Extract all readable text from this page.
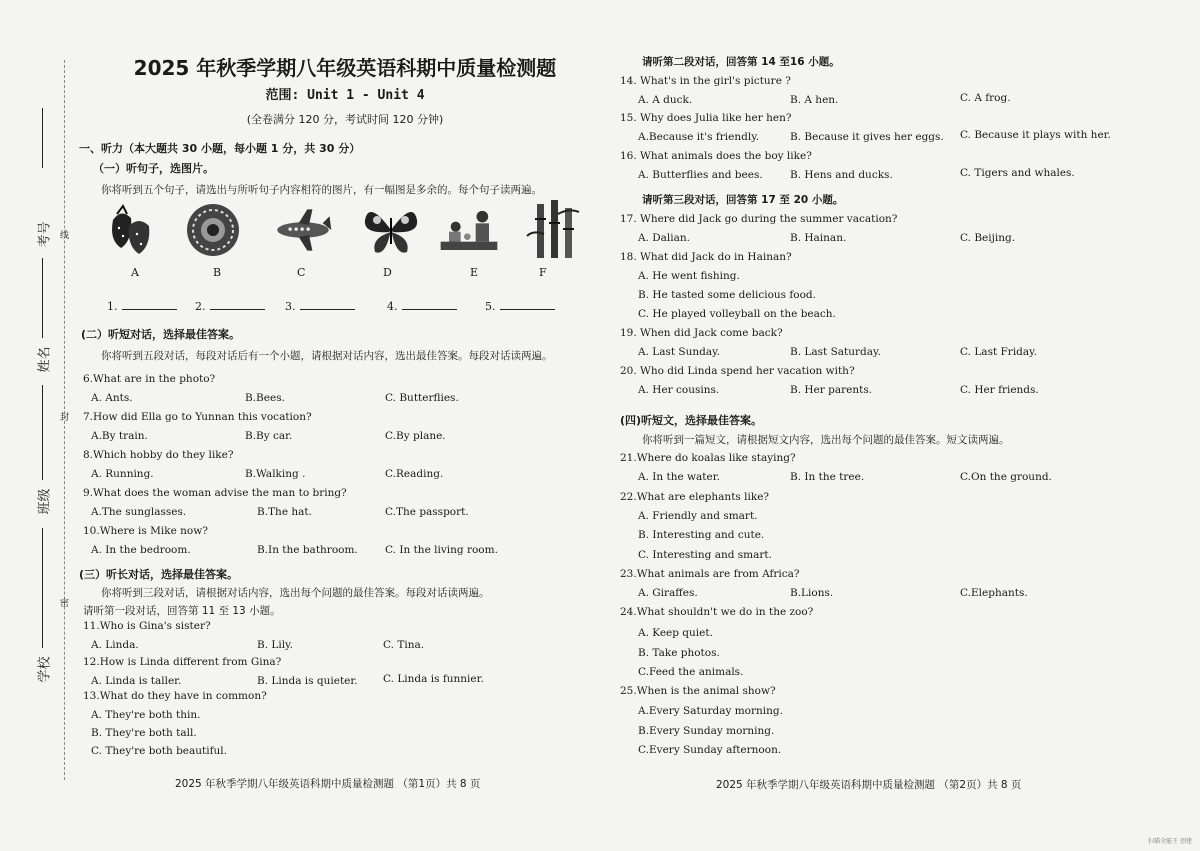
考号
姓名
班级
学校
线
封
密
2025 年秋季学期八年级英语科期中质量检测题
范围: Unit 1 - Unit 4
(全卷满分 120 分，考试时间 120 分钟)
一、听力（本大题共 30 小题，每小题 1 分，共 30 分）
（一）听句子，选图片。
你将听到五个句子，请选出与所听句子内容相符的图片，有一幅图是多余的。每个句子读两遍。
A	B	C	D	E	F
1.	2.	3.	4.	5.
(二）听短对话，选择最佳答案。
你将听到五段对话，每段对话后有一个小题，请根据对话内容，选出最佳答案。每段对话读两遍。
6.What are in the photo?
A. Ants.	B.Bees.	C. Butterflies.
7.How did Ella go to Yunnan this vocation?
A.By train.	B.By car.	C.By plane.
8.Which hobby do they like?
A. Running.	B.Walking .	C.Reading.
9.What does the woman advise the man to bring?
A.The sunglasses.	B.The hat.	C.The passport.
10.Where is Mike now?
A. In the bedroom.	B.In the bathroom.	C. In the living room.
(三）听长对话，选择最佳答案。
你将听到三段对话，请根据对话内容，选出每个问题的最佳答案。每段对话读两遍。
请听第一段对话，回答第 11 至 13 小题。
11.Who is Gina's sister?
A. Linda.	B. Lily.	C. Tina.
12.How is Linda different from Gina?
A. Linda is taller.	B. Linda is quieter. C. Linda is funnier.
13.What do they have in common?
A. They're both thin.
B. They're both tall.
C. They're both beautiful.
2025 年秋季学期八年级英语科期中质量检测题 （第1页）共 8 页
请听第二段对话，回答第 14 至16 小题。
14. What's in the girl's picture ?
A. A duck.	B. A hen.	C. A frog.
15. Why does Julia like her hen?
A.Because it's friendly.	B. Because it gives her eggs. C. Because it plays with her.
16. What animals does the boy like?
A. Butterflies and bees.	B. Hens and ducks.	C. Tigers and whales.
请听第三段对话，回答第 17 至 20 小题。
17. Where did Jack go during the summer vacation?
A. Dalian.	B. Hainan.	C. Beijing.
18. What did Jack do in Hainan?
A. He went fishing.
B. He tasted some delicious food.
C. He played volleyball on the beach.
19. When did Jack come back?
A. Last Sunday.	B. Last Saturday.	C. Last Friday.
20. Who did Linda spend her vacation with?
A. Her cousins.	B. Her parents.	C. Her friends.
(四)听短文，选择最佳答案。
你将听到一篇短文，请根据短文内容，选出每个问题的最佳答案。短文读两遍。
21.Where do koalas like staying?
A. In the water.	B. In the tree.	C.On the ground.
22.What are elephants like?
A. Friendly and smart.
B. Interesting and cute.
C. Interesting and smart.
23.What animals are from Africa?
A. Giraffes.	B.Lions.	C.Elephants.
24.What shouldn't we do in the zoo?
A. Keep quiet.
B. Take photos.
C.Feed the animals.
25.When is the animal show?
A.Every Saturday morning.
B.Every Sunday morning.
C.Every Sunday afternoon.
2025 年秋季学期八年级英语科期中质量检测题 （第2页）共 8 页
扫描全能王 创建
